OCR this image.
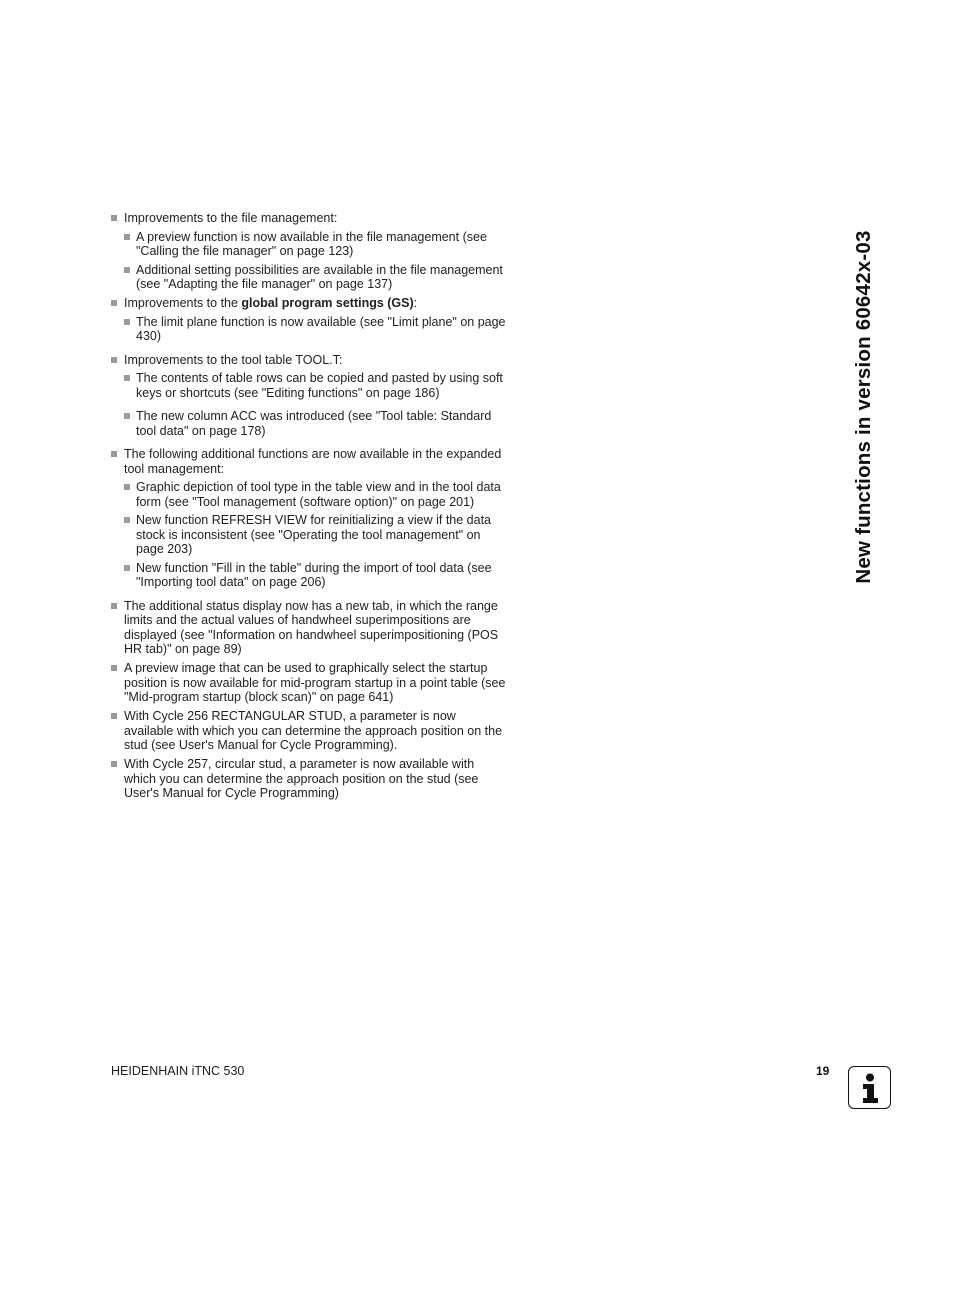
Improvements to the file management:
A preview function is now available in the file management (see "Calling the file manager" on page 123)
Additional setting possibilities are available in the file management (see "Adapting the file manager" on page 137)
Improvements to the global program settings (GS):
The limit plane function is now available (see "Limit plane" on page 430)
Improvements to the tool table TOOL.T:
The contents of table rows can be copied and pasted by using soft keys or shortcuts (see "Editing functions" on page 186)
The new column ACC was introduced (see "Tool table: Standard tool data" on page 178)
The following additional functions are now available in the expanded tool management:
Graphic depiction of tool type in the table view and in the tool data form (see "Tool management (software option)" on page 201)
New function REFRESH VIEW for reinitializing a view if the data stock is inconsistent (see "Operating the tool management" on page 203)
New function "Fill in the table" during the import of tool data (see "Importing tool data" on page 206)
The additional status display now has a new tab, in which the range limits and the actual values of handwheel superimpositions are displayed (see "Information on handwheel superimpositioning (POS HR tab)" on page 89)
A preview image that can be used to graphically select the startup position is now available for mid-program startup in a point table (see "Mid-program startup (block scan)" on page 641)
With Cycle 256 RECTANGULAR STUD, a parameter is now available with which you can determine the approach position on the stud (see User's Manual for Cycle Programming).
With Cycle 257, circular stud, a parameter is now available with which you can determine the approach position on the stud (see User's Manual for Cycle Programming)
New functions in version 60642x-03
HEIDENHAIN iTNC 530	19
